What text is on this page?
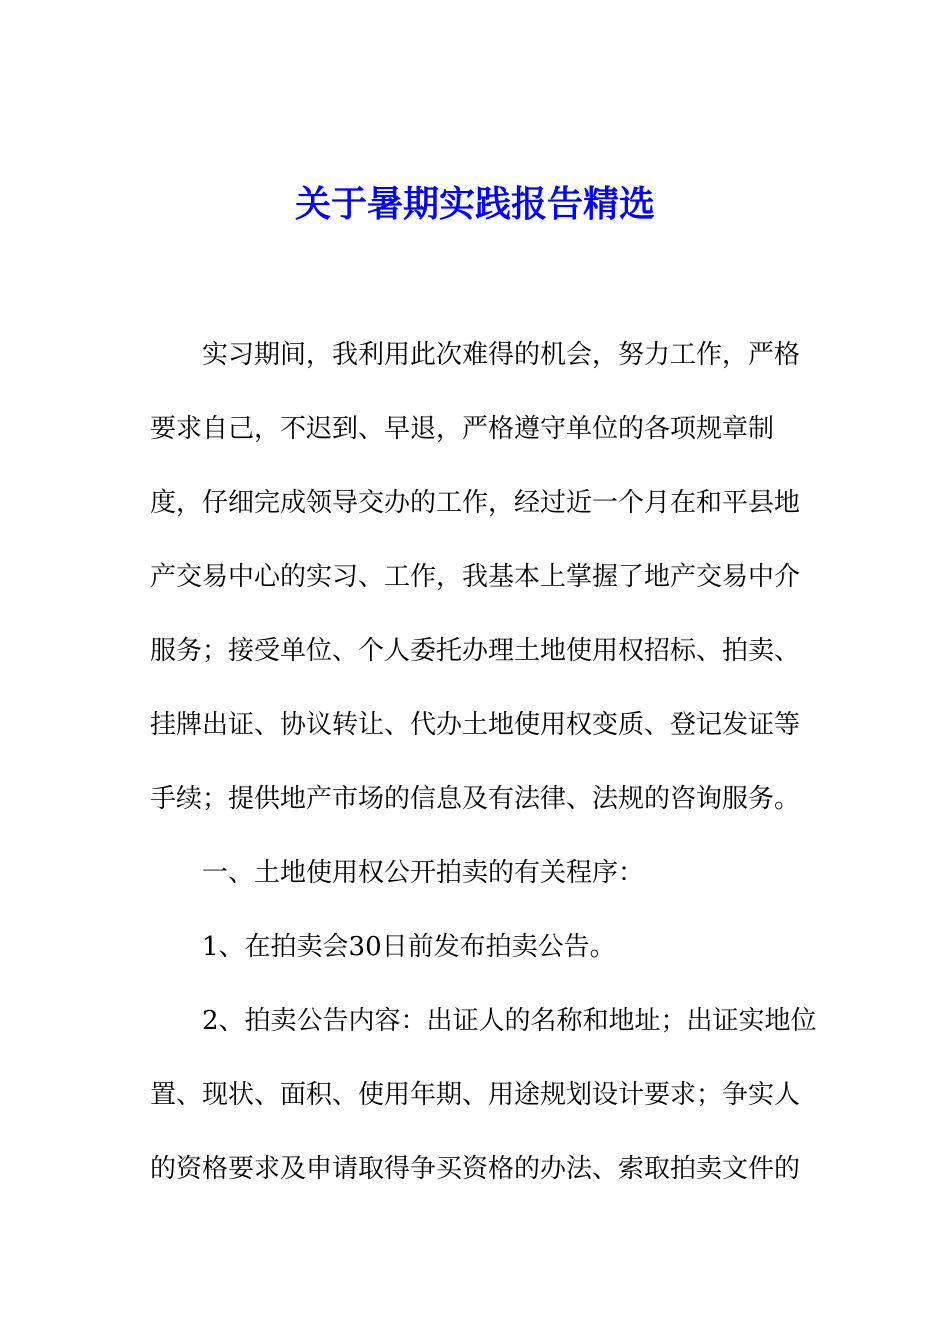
关于暑期实践报告精选
实习期间，我利用此次难得的机会，努力工作，严格
要求自己，不迟到、早退，严格遵守单位的各项规章制
度，仔细完成领导交办的工作，经过近一个月在和平县地
产交易中心的实习、工作，我基本上掌握了地产交易中介
服务；接受单位、个人委托办理土地使用权招标、拍卖、
挂牌出证、协议转让、代办土地使用权变质、登记发证等
手续；提供地产市场的信息及有法律、法规的咨询服务。
一、土地使用权公开拍卖的有关程序：
1、在拍卖会30日前发布拍卖公告。
2、拍卖公告内容：出证人的名称和地址；出证实地位
置、现状、面积、使用年期、用途规划设计要求；争实人
的资格要求及申请取得争买资格的办法、索取拍卖文件的
